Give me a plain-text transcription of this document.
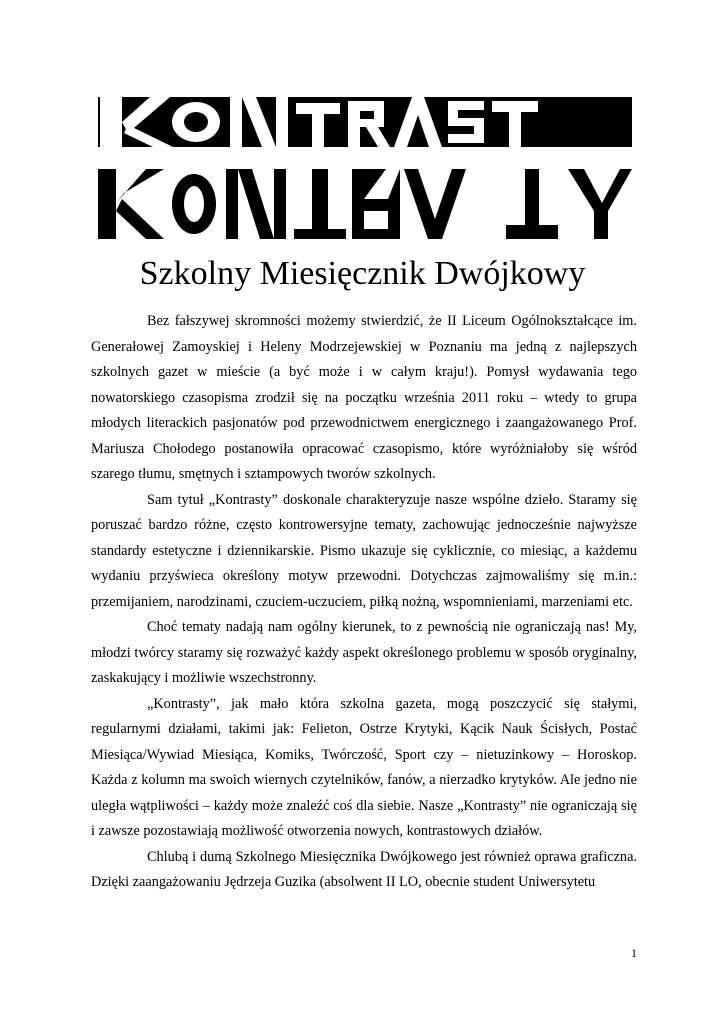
Szkolny Miesięcznik Dwójkowy

Bez fałszywej skromności możemy stwierdzić, że II Liceum Ogólnokształcące im. Generałowej Zamoyskiej i Heleny Modrzejewskiej w Poznaniu ma jedną z najlepszych szkolnych gazet w mieście (a być może i w całym kraju!). Pomysł wydawania tego nowatorskiego czasopisma zrodził się na początku września 2011 roku – wtedy to grupa młodych literackich pasjonatów pod przewodnictwem energicznego i zaangażowanego Prof. Mariusza Chołodego postanowiła opracować czasopismo, które wyróżniałoby się wśród szarego tłumu, smętnych i sztampowych tworów szkolnych.

Sam tytuł „Kontrasty” doskonale charakteryzuje nasze wspólne dzieło. Staramy się poruszać bardzo różne, często kontrowersyjne tematy, zachowując jednocześnie najwyższe standardy estetyczne i dziennikarskie. Pismo ukazuje się cyklicznie, co miesiąc, a każdemu wydaniu przyświeca określony motyw przewodni. Dotychczas zajmowaliśmy się m.in.: przemijaniem, narodzinami, czuciem-uczuciem, piłką nożną, wspomnieniami, marzeniami etc.

Choć tematy nadają nam ogólny kierunek, to z pewnością nie ograniczają nas! My, młodzi twórcy staramy się rozważyć każdy aspekt określonego problemu w sposób oryginalny, zaskakujący i możliwie wszechstronny.

„Kontrasty”, jak mało która szkolna gazeta, mogą poszczycić się stałymi, regularnymi działami, takimi jak: Felieton, Ostrze Krytyki, Kącik Nauk Ścisłych, Postać Miesiąca/Wywiad Miesiąca, Komiks, Twórczość, Sport czy – nietuzinkowy – Horoskop. Każda z kolumn ma swoich wiernych czytelników, fanów, a nierzadko krytyków. Ale jedno nie uległa wątpliwości – każdy może znaleźć coś dla siebie. Nasze „Kontrasty” nie ograniczają się i zawsze pozostawiają możliwość otworzenia nowych, kontrastowych działów.

Chlubą i dumą Szkolnego Miesięcznika Dwójkowego jest również oprawa graficzna. Dzięki zaangażowaniu Jędrzeja Guzika (absolwent II LO, obecnie student Uniwersytetu

1
